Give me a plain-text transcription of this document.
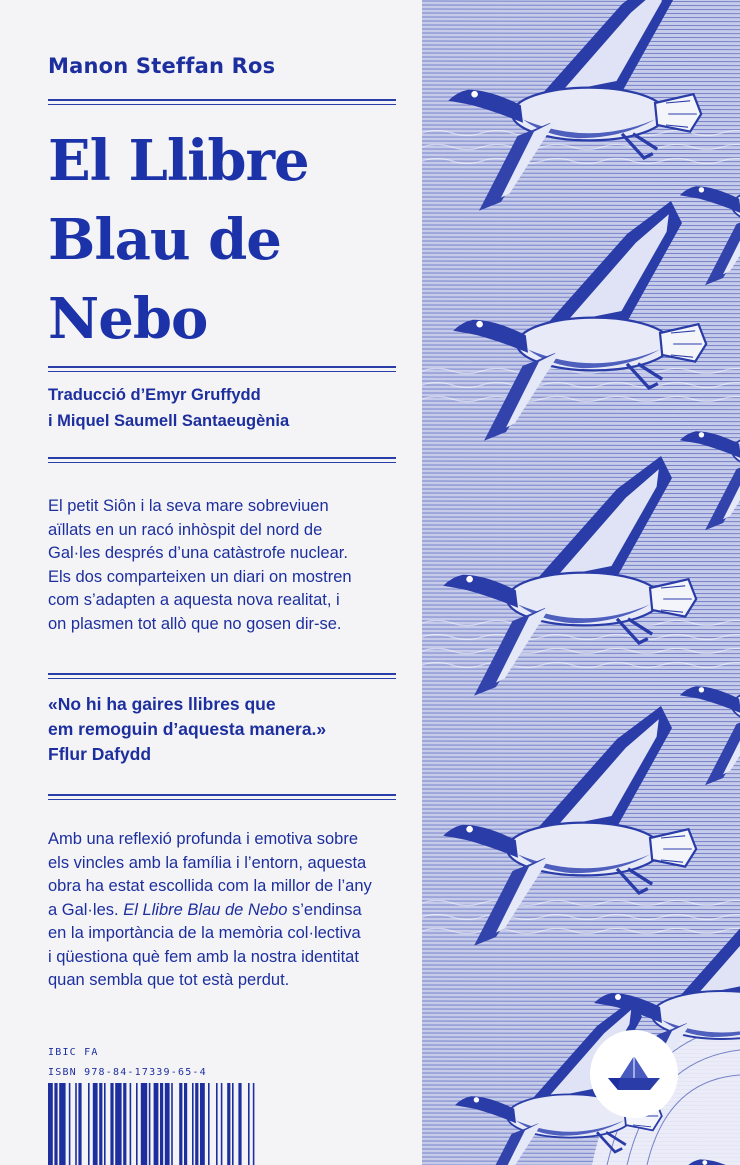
Manon Steffan Ros
El Llibre
Blau de
Nebo
Traducció d’Emyr Gruffydd
i Miquel Saumell Santaeugènia
El petit Siôn i la seva mare sobreviuen
aïllats en un racó inhòspit del nord de
Gal·les després d’una catàstrofe nuclear.
Els dos comparteixen un diari on mostren
com s’adapten a aquesta nova realitat, i
on plasmen tot allò que no gosen dir-se.
«No hi ha gaires llibres que
em remoguin d’aquesta manera.»
Fflur Dafydd
Amb una reflexió profunda i emotiva sobre
els vincles amb la família i l’entorn, aquesta
obra ha estat escollida com la millor de l’any
a Gal·les. El Llibre Blau de Nebo s’endinsa
en la importància de la memòria col·lectiva
i qüestiona què fem amb la nostra identitat
quan sembla que tot està perdut.
IBIC FA
ISBN 978-84-17339-65-4
